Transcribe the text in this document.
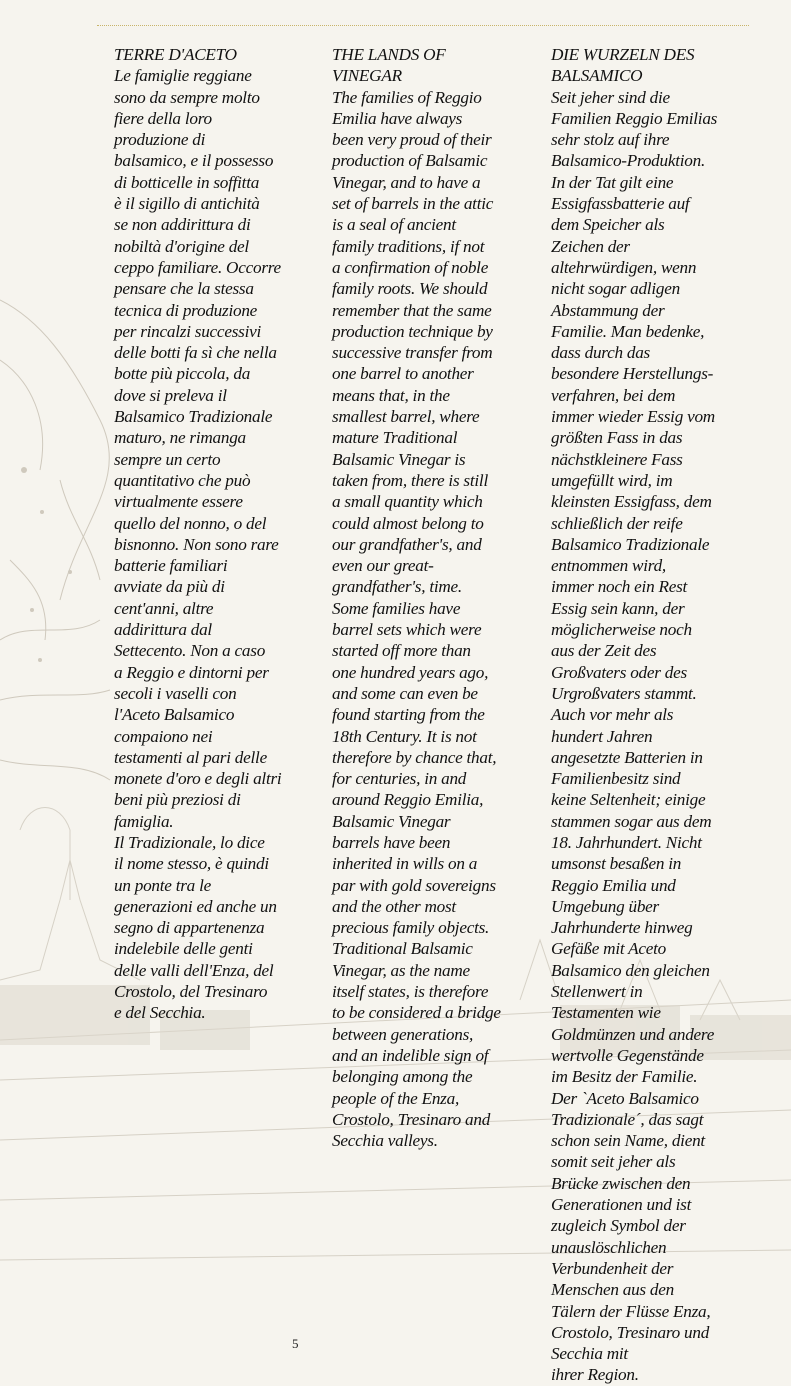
TERRE D'ACETO
Le famiglie reggiane
sono da sempre molto
fiere della loro
produzione di
balsamico, e il possesso
di botticelle in soffitta
è il sigillo di antichità
se non addirittura di
nobiltà d'origine del
ceppo familiare. Occorre
pensare che la stessa
tecnica di produzione
per rincalzi successivi
delle botti fa sì che nella
botte più piccola, da
dove si preleva il
Balsamico Tradizionale
maturo, ne rimanga
sempre un certo
quantitativo che può
virtualmente essere
quello del nonno, o del
bisnonno. Non sono rare
batterie familiari
avviate da più di
cent'anni, altre
addirittura dal
Settecento. Non a caso
a Reggio e dintorni per
secoli i vaselli con
l'Aceto Balsamico
compaiono nei
testamenti al pari delle
monete d'oro e degli altri
beni più preziosi di
famiglia.
Il Tradizionale, lo dice
il nome stesso, è quindi
un ponte tra le
generazioni ed anche un
segno di appartenenza
indelebile delle genti
delle valli dell'Enza, del
Crostolo, del Tresinaro
e del Secchia.
THE LANDS OF
VINEGAR
The families of Reggio
Emilia have always
been very proud of their
production of Balsamic
Vinegar, and to have a
set of barrels in the attic
is a seal of ancient
family traditions, if not
a confirmation of noble
family roots. We should
remember that the same
production technique by
successive transfer from
one barrel to another
means that, in the
smallest barrel, where
mature Traditional
Balsamic Vinegar is
taken from, there is still
a small quantity which
could almost belong to
our grandfather's, and
even our great-
grandfather's, time.
Some families have
barrel sets which were
started off more than
one hundred years ago,
and some can even be
found starting from the
18th Century. It is not
therefore by chance that,
for centuries, in and
around Reggio Emilia,
Balsamic Vinegar
barrels have been
inherited in wills on a
par with gold sovereigns
and the other most
precious family objects.
Traditional Balsamic
Vinegar, as the name
itself states, is therefore
to be considered a bridge
between generations,
and an indelible sign of
belonging among the
people of the Enza,
Crostolo, Tresinaro and
Secchia valleys.
DIE WURZELN DES
BALSAMICO
Seit jeher sind die
Familien Reggio Emilias
sehr stolz auf ihre
Balsamico-Produktion.
In der Tat gilt eine
Essigfassbatterie auf
dem Speicher als
Zeichen der
altehrwürdigen, wenn
nicht sogar adligen
Abstammung der
Familie. Man bedenke,
dass durch das
besondere Herstellungs-
verfahren, bei dem
immer wieder Essig vom
größten Fass in das
nächstkleinere Fass
umgefüllt wird, im
kleinsten Essigfass, dem
schließlich der reife
Balsamico Tradizionale
entnommen wird,
immer noch ein Rest
Essig sein kann, der
möglicherweise noch
aus der Zeit des
Großvaters oder des
Urgroßvaters stammt.
Auch vor mehr als
hundert Jahren
angesetzte Batterien in
Familienbesitz sind
keine Seltenheit; einige
stammen sogar aus dem
18. Jahrhundert. Nicht
umsonst besaßen in
Reggio Emilia und
Umgebung über
Jahrhunderte hinweg
Gefäße mit Aceto
Balsamico den gleichen
Stellenwert in
Testamenten wie
Goldmünzen und andere
wertvolle Gegenstände
im Besitz der Familie.
Der `Aceto Balsamico
Tradizionale´, das sagt
schon sein Name, dient
somit seit jeher als
Brücke zwischen den
Generationen und ist
zugleich Symbol der
unauslöschlichen
Verbundenheit der
Menschen aus den
Tälern der Flüsse Enza,
Crostolo, Tresinaro und
Secchia mit
ihrer Region.
5
